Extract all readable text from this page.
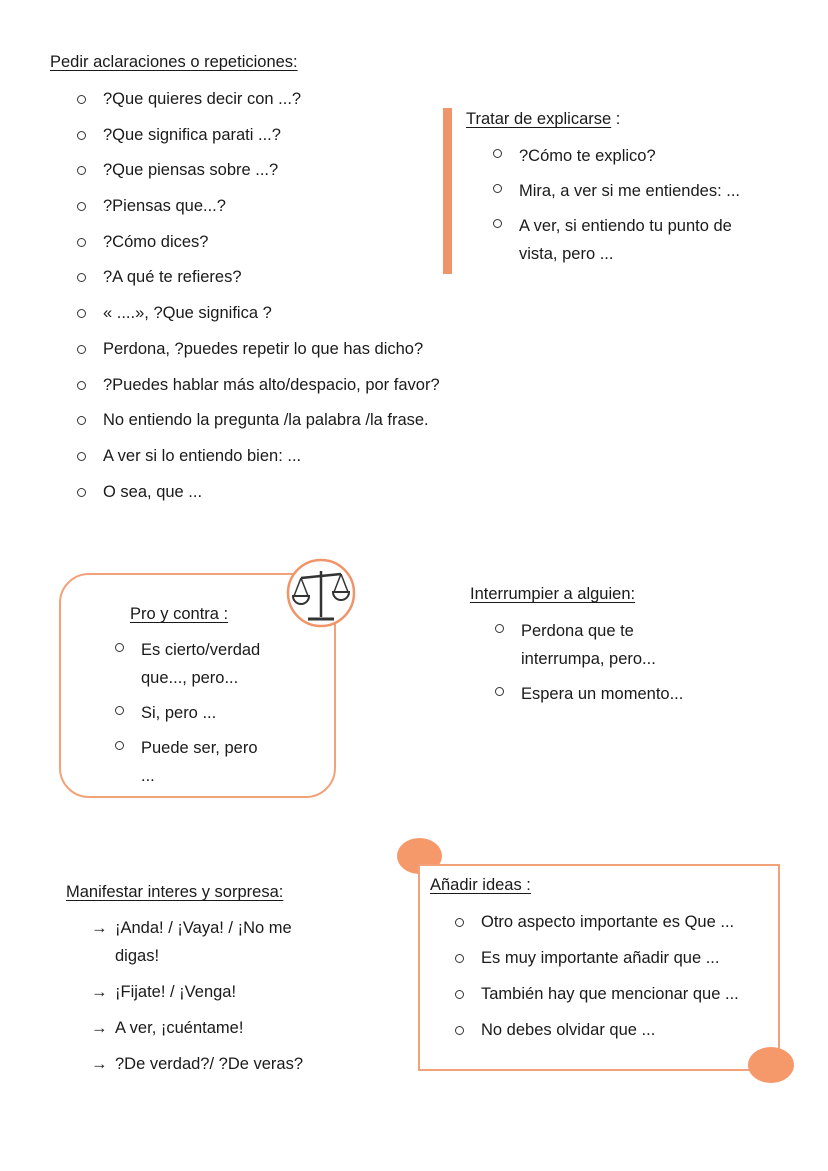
Pedir aclaraciones o repeticiones:
?Que quieres decir con ...?
?Que significa parati ...?
?Que piensas sobre ...?
?Piensas que...?
?Cómo dices?
?A qué te refieres?
« ....», ?Que significa ?
Perdona, ?puedes repetir lo que has dicho?
?Puedes hablar más alto/despacio, por favor?
No entiendo la pregunta /la palabra /la frase.
A ver si lo entiendo bien: ...
O sea, que ...
Tratar de explicarse :
?Cómo te explico?
Mira, a ver si me entiendes: ...
A ver, si entiendo tu punto de vista, pero ...
Pro y contra :
Es cierto/verdad que..., pero...
Si, pero ...
Puede ser, pero ...
Interrumpier a alguien:
Perdona que te interrumpa, pero...
Espera un momento...
Manifestar interes y sorpresa:
→ ¡Anda! / ¡Vaya! / ¡No me digas!
→ ¡Fijate! / ¡Venga!
→ A ver, ¡cuéntame!
→ ?De verdad?/ ?De veras?
Añadir ideas :
Otro aspecto importante es Que ...
Es muy importante añadir que ...
También hay que mencionar que ...
No debes olvidar que ...
